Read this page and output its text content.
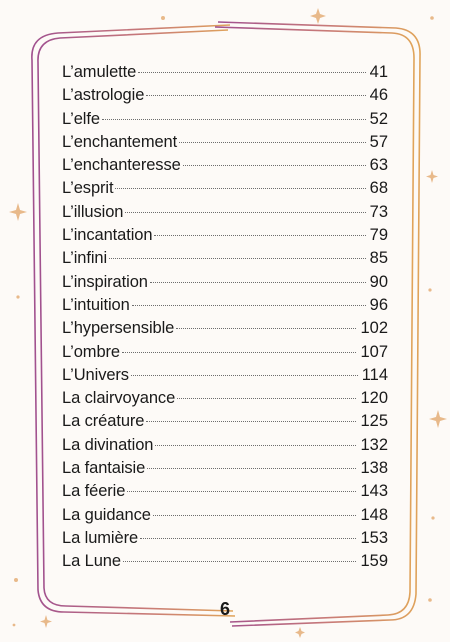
L’amulette	41
L’astrologie	46
L’elfe	52
L’enchantement	57
L’enchanteresse	63
L’esprit	68
L’illusion	73
L’incantation	79
L’infini	85
L’inspiration	90
L’intuition	96
L’hypersensible	102
L’ombre	107
L’Univers	114
La clairvoyance	120
La créature	125
La divination	132
La fantaisie	138
La féerie	143
La guidance	148
La lumière	153
La Lune	159
6
